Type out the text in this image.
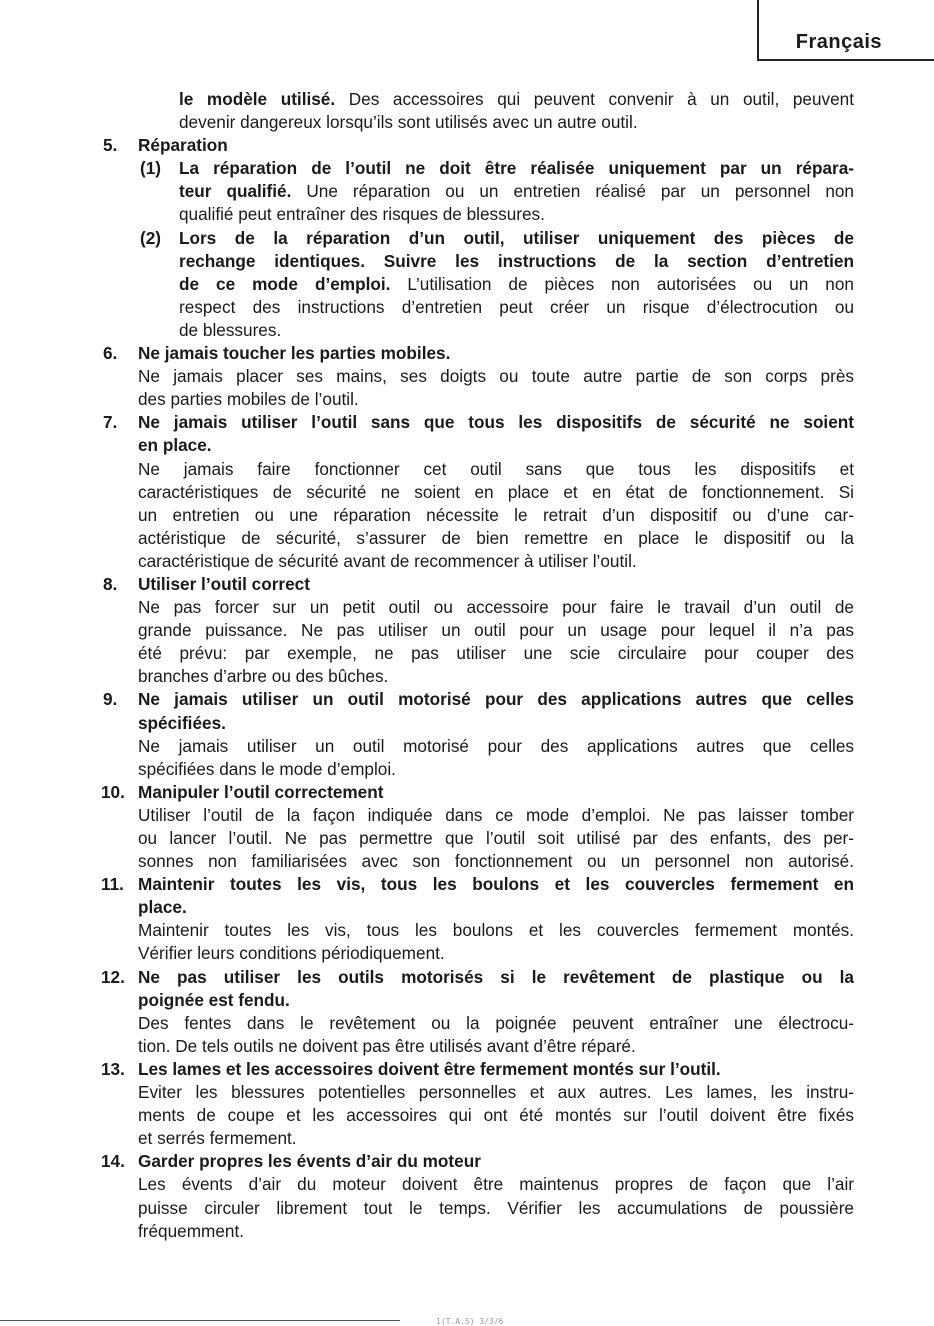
Français
le modèle utilisé. Des accessoires qui peuvent convenir à un outil, peuvent
devenir dangereux lorsqu’ils sont utilisés avec un autre outil.
5. Réparation
(1) La réparation de l’outil ne doit être réalisée uniquement par un répara-
teur qualifié. Une réparation ou un entretien réalisé par un personnel non
qualifié peut entraîner des risques de blessures.
(2) Lors de la réparation d’un outil, utiliser uniquement des pièces de
rechange identiques. Suivre les instructions de la section d’entretien
de ce mode d’emploi. L’utilisation de pièces non autorisées ou un non
respect des instructions d’entretien peut créer un risque d’électrocution ou
de blessures.
6. Ne jamais toucher les parties mobiles.
Ne jamais placer ses mains, ses doigts ou toute autre partie de son corps près
des parties mobiles de l’outil.
7. Ne jamais utiliser l’outil sans que tous les dispositifs de sécurité ne soient
en place.
Ne jamais faire fonctionner cet outil sans que tous les dispositifs et
caractéristiques de sécurité ne soient en place et en état de fonctionnement. Si
un entretien ou une réparation nécessite le retrait d’un dispositif ou d’une car-
actéristique de sécurité, s’assurer de bien remettre en place le dispositif ou la
caractéristique de sécurité avant de recommencer à utiliser l’outil.
8. Utiliser l’outil correct
Ne pas forcer sur un petit outil ou accessoire pour faire le travail d’un outil de
grande puissance. Ne pas utiliser un outil pour un usage pour lequel il n’a pas
été prévu: par exemple, ne pas utiliser une scie circulaire pour couper des
branches d’arbre ou des bûches.
9. Ne jamais utiliser un outil motorisé pour des applications autres que celles
spécifiées.
Ne jamais utiliser un outil motorisé pour des applications autres que celles
spécifiées dans le mode d’emploi.
10. Manipuler l’outil correctement
Utiliser l’outil de la façon indiquée dans ce mode d’emploi. Ne pas laisser tomber
ou lancer l’outil. Ne pas permettre que l’outil soit utilisé par des enfants, des per-
sonnes non familiarisées avec son fonctionnement ou un personnel non autorisé.
11. Maintenir toutes les vis, tous les boulons et les couvercles fermement en
place.
Maintenir toutes les vis, tous les boulons et les couvercles fermement montés.
Vérifier leurs conditions périodiquement.
12. Ne pas utiliser les outils motorisés si le revêtement de plastique ou la
poignée est fendu.
Des fentes dans le revêtement ou la poignée peuvent entraîner une électrocu-
tion. De tels outils ne doivent pas être utilisés avant d’être réparé.
13. Les lames et les accessoires doivent être fermement montés sur l’outil.
Eviter les blessures potentielles personnelles et aux autres. Les lames, les instru-
ments de coupe et les accessoires qui ont été montés sur l’outil doivent être fixés
et serrés fermement.
14. Garder propres les évents d’air du moteur
Les évents d’air du moteur doivent être maintenus propres de façon que l’air
puisse circuler librement tout le temps. Vérifier les accumulations de poussière
fréquemment.
1(T.A.S) 3/3/6
